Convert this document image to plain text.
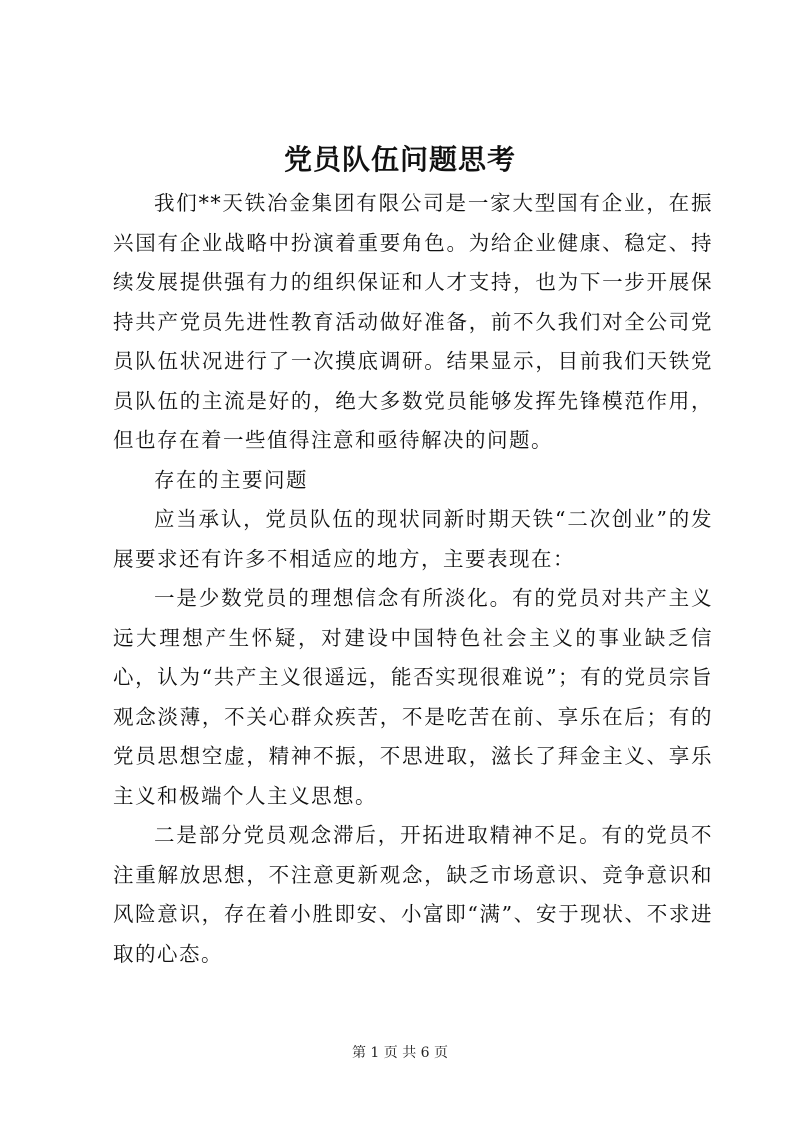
党员队伍问题思考

我们**天铁冶金集团有限公司是一家大型国有企业，在振兴国有企业战略中扮演着重要角色。为给企业健康、稳定、持续发展提供强有力的组织保证和人才支持，也为下一步开展保持共产党员先进性教育活动做好准备，前不久我们对全公司党员队伍状况进行了一次摸底调研。结果显示，目前我们天铁党员队伍的主流是好的，绝大多数党员能够发挥先锋模范作用，但也存在着一些值得注意和亟待解决的问题。

存在的主要问题

应当承认，党员队伍的现状同新时期天铁“二次创业”的发展要求还有许多不相适应的地方，主要表现在：

一是少数党员的理想信念有所淡化。有的党员对共产主义远大理想产生怀疑，对建设中国特色社会主义的事业缺乏信心，认为“共产主义很遥远，能否实现很难说”；有的党员宗旨观念淡薄，不关心群众疾苦，不是吃苦在前、享乐在后；有的党员思想空虚，精神不振，不思进取，滋长了拜金主义、享乐主义和极端个人主义思想。

二是部分党员观念滞后，开拓进取精神不足。有的党员不注重解放思想，不注意更新观念，缺乏市场意识、竞争意识和风险意识，存在着小胜即安、小富即“满”、安于现状、不求进取的心态。

第 1 页 共 6 页
